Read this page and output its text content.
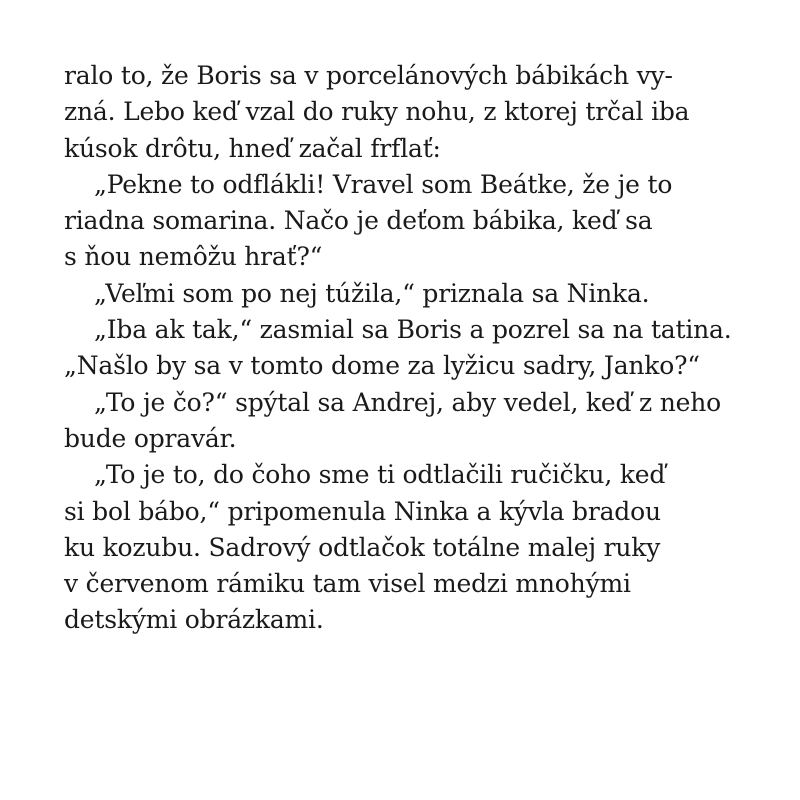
ralo to, že Boris sa v porcelánových bábikách vy-
zná. Lebo keď vzal do ruky nohu, z ktorej trčal iba
kúsok drôtu, hneď začal frflať:
„Pekne to odflákli! Vravel som Beátke, že je to
riadna somarina. Načo je deťom bábika, keď sa
s ňou nemôžu hrať?“
„Veľmi som po nej túžila,“ priznala sa Ninka.
„Iba ak tak,“ zasmial sa Boris a pozrel sa na tatina.
„Našlo by sa v tomto dome za lyžicu sadry, Janko?“
„To je čo?“ spýtal sa Andrej, aby vedel, keď z neho
bude opravár.
„To je to, do čoho sme ti odtlačili ručičku, keď
si bol bábo,“ pripomenula Ninka a kývla bradou
ku kozubu. Sadrový odtlačok totálne malej ruky
v červenom rámiku tam visel medzi mnohými
detskými obrázkami.
